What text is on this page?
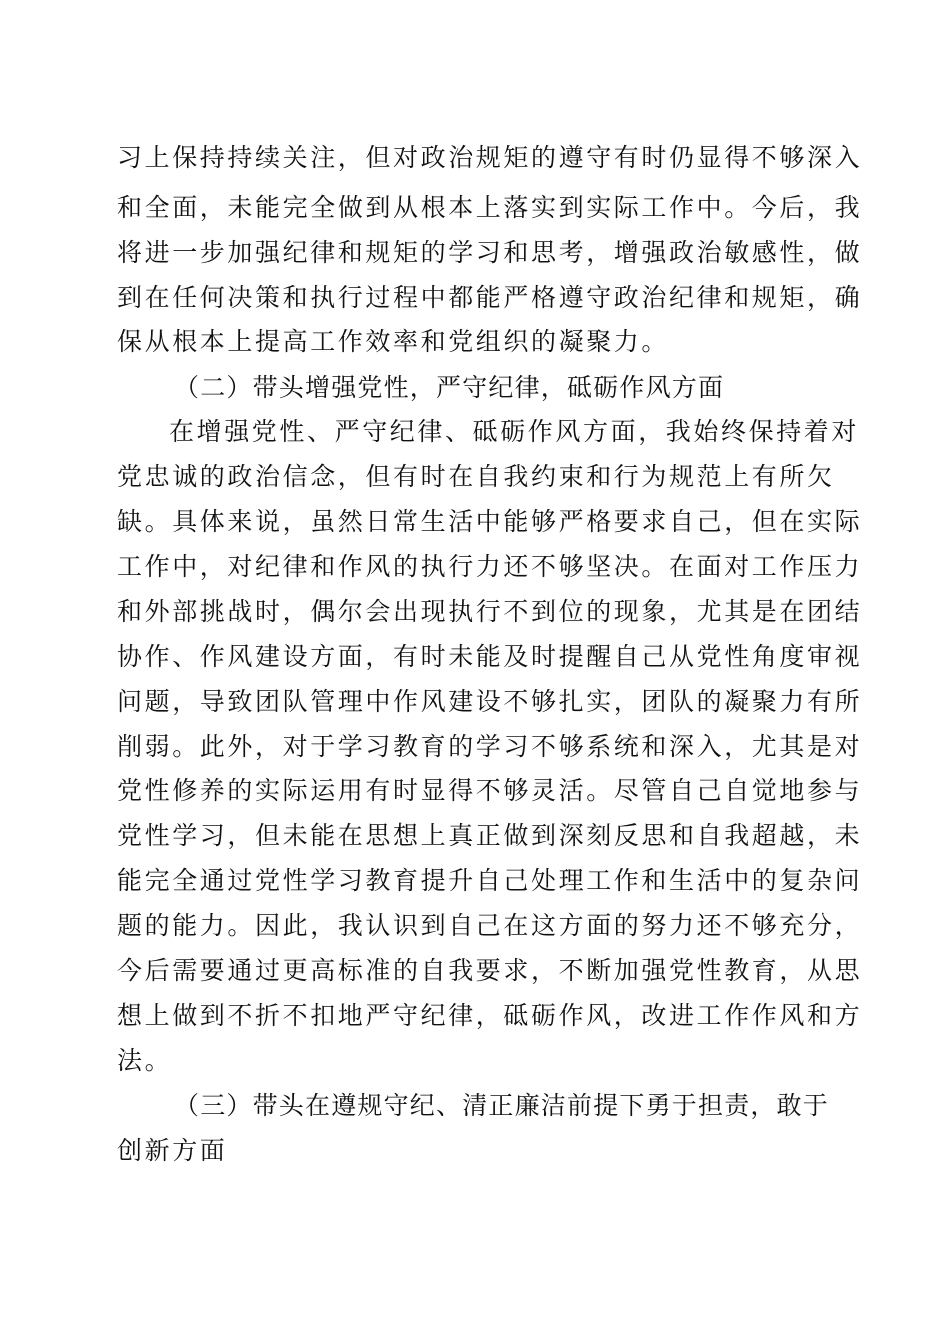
习上保持持续关注，但对政治规矩的遵守有时仍显得不够深入
和全面，未能完全做到从根本上落实到实际工作中。今后，我
将进一步加强纪律和规矩的学习和思考，增强政治敏感性，做
到在任何决策和执行过程中都能严格遵守政治纪律和规矩，确
保从根本上提高工作效率和党组织的凝聚力。
（二）带头增强党性，严守纪律，砥砺作风方面
在增强党性、严守纪律、砥砺作风方面，我始终保持着对
党忠诚的政治信念，但有时在自我约束和行为规范上有所欠
缺。具体来说，虽然日常生活中能够严格要求自己，但在实际
工作中，对纪律和作风的执行力还不够坚决。在面对工作压力
和外部挑战时，偶尔会出现执行不到位的现象，尤其是在团结
协作、作风建设方面，有时未能及时提醒自己从党性角度审视
问题，导致团队管理中作风建设不够扎实，团队的凝聚力有所
削弱。此外，对于学习教育的学习不够系统和深入，尤其是对
党性修养的实际运用有时显得不够灵活。尽管自己自觉地参与
党性学习，但未能在思想上真正做到深刻反思和自我超越，未
能完全通过党性学习教育提升自己处理工作和生活中的复杂问
题的能力。因此，我认识到自己在这方面的努力还不够充分，
今后需要通过更高标准的自我要求，不断加强党性教育，从思
想上做到不折不扣地严守纪律，砥砺作风，改进工作作风和方
法。
（三）带头在遵规守纪、清正廉洁前提下勇于担责，敢于
创新方面
